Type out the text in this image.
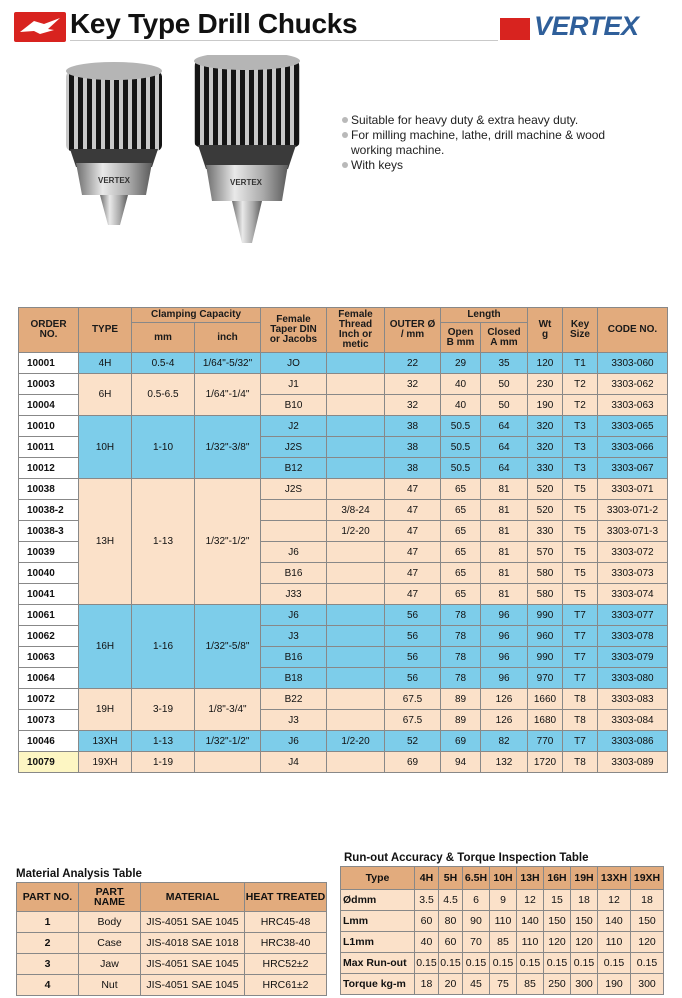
Key Type Drill Chucks	VERTEX
VERTEX	VERTEX
Suitable for heavy duty & extra heavy duty.
For milling machine, lathe, drill machine & wood working machine.
With keys
ORDER NO.	TYPE	Clamping Capacity		Female Taper DIN or Jacobs	Female Thread Inch or metic	OUTER Ø / mm	Length		Wt g	Key Size	CODE NO.
		mm	inch				Open B mm	Closed A mm			
10001	4H	0.5-4	1/64"-5/32"	JO		22	29	35	120	T1	3303-060
10003	6H	0.5-6.5	1/64"-1/4"	J1		32	40	50	230	T2	3303-062
10004				B10		32	40	50	190	T2	3303-063
10010	10H	1-10	1/32"-3/8"	J2		38	50.5	64	320	T3	3303-065
10011				J2S		38	50.5	64	320	T3	3303-066
10012				B12		38	50.5	64	330	T3	3303-067
10038	13H	1-13	1/32"-1/2"	J2S		47	65	81	520	T5	3303-071
10038-2					3/8-24	47	65	81	520	T5	3303-071-2
10038-3					1/2-20	47	65	81	330	T5	3303-071-3
10039				J6		47	65	81	570	T5	3303-072
10040				B16		47	65	81	580	T5	3303-073
10041				J33		47	65	81	580	T5	3303-074
10061	16H	1-16	1/32"-5/8"	J6		56	78	96	990	T7	3303-077
10062				J3		56	78	96	960	T7	3303-078
10063				B16		56	78	96	990	T7	3303-079
10064				B18		56	78	96	970	T7	3303-080
10072	19H	3-19	1/8"-3/4"	B22		67.5	89	126	1660	T8	3303-083
10073				J3		67.5	89	126	1680	T8	3303-084
10046	13XH	1-13	1/32"-1/2"	J6	1/2-20	52	69	82	770	T7	3303-086
10079	19XH	1-19		J4		69	94	132	1720	T8	3303-089
Material Analysis Table
PART NO.	PART NAME	MATERIAL	HEAT TREATED
1	Body	JIS-4051 SAE 1045	HRC45-48
2	Case	JIS-4018 SAE 1018	HRC38-40
3	Jaw	JIS-4051 SAE 1045	HRC52±2
4	Nut	JIS-4051 SAE 1045	HRC61±2
Run-out Accuracy & Torque Inspection Table
Type	4H	5H	6.5H	10H	13H	16H	19H	13XH	19XH
Ødmm	3.5	4.5	6	9	12	15	18	12	18
Lmm	60	80	90	110	140	150	150	140	150
L1mm	40	60	70	85	110	120	120	110	120
Max Run-out	0.15	0.15	0.15	0.15	0.15	0.15	0.15	0.15	0.15
Torque kg-m	18	20	45	75	85	250	300	190	300
